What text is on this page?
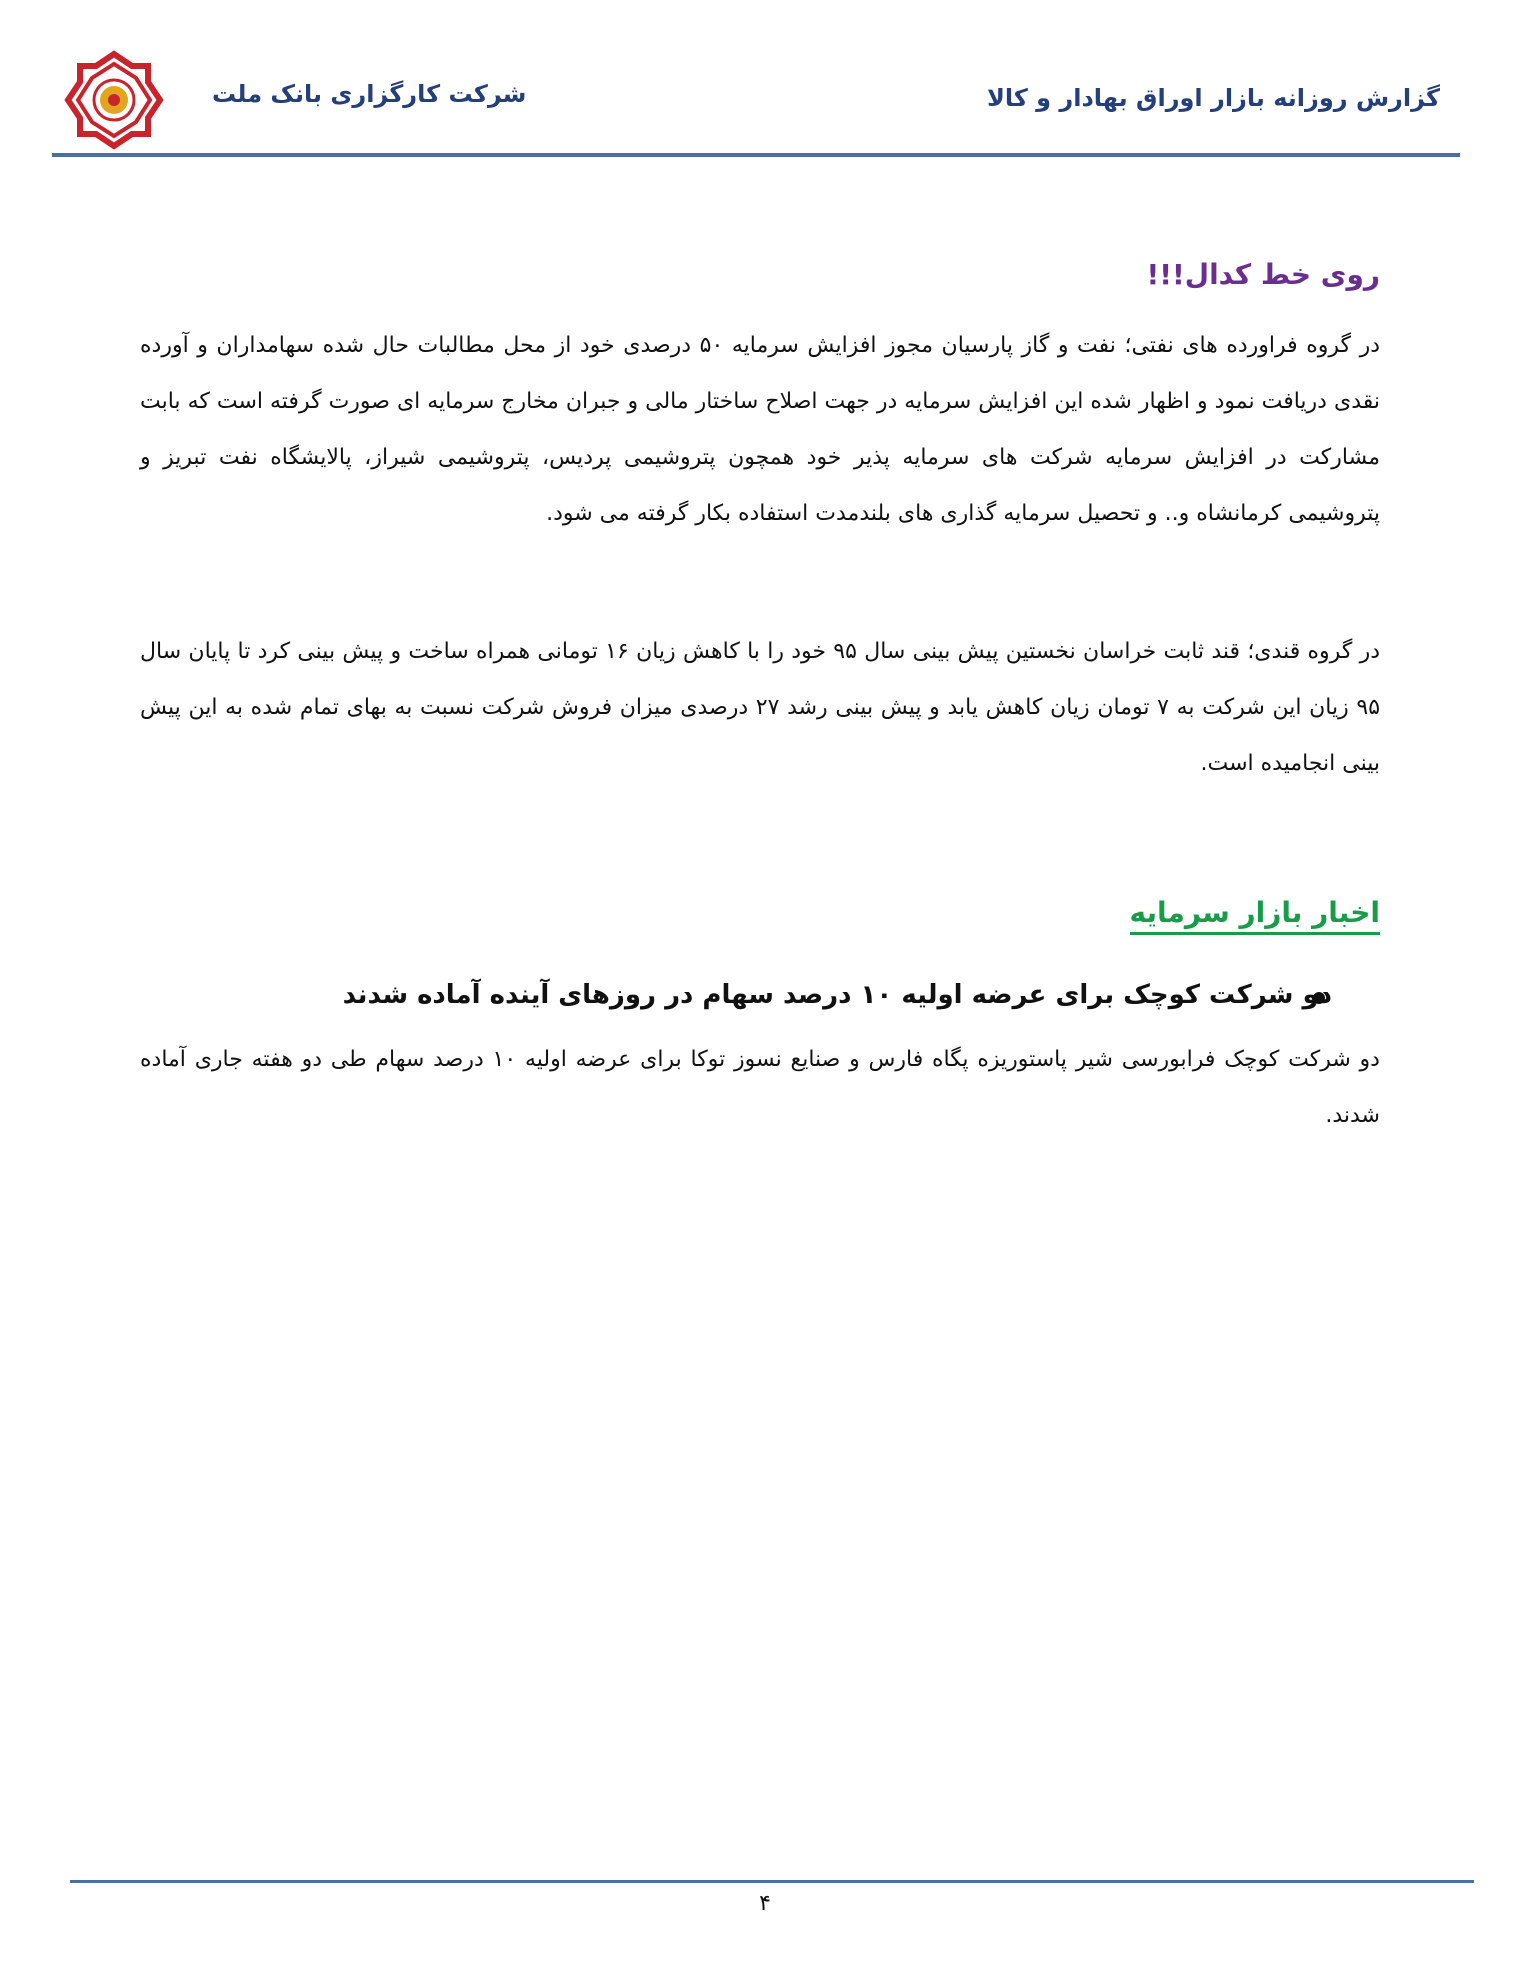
شرکت کارگزاری بانک ملت	گزارش روزانه بازار اوراق بهادار و کالا
روی خط کدال!!!
در گروه فراورده های نفتی؛ نفت و گاز پارسیان مجوز افزایش سرمایه ۵۰ درصدی خود از محل مطالبات حال شده سهامداران و آورده نقدی دریافت نمود و اظهار شده این افزایش سرمایه در جهت اصلاح ساختار مالی و جبران مخارج سرمایه ای صورت گرفته است که بابت مشارکت در افزایش سرمایه شرکت های سرمایه پذیر خود همچون پتروشیمی پردیس، پتروشیمی شیراز، پالایشگاه نفت تبریز و پتروشیمی کرمانشاه و.. و تحصیل سرمایه گذاری های بلندمدت استفاده بکار گرفته می شود.
در گروه قندی؛ قند ثابت خراسان نخستین پیش بینی سال ۹۵ خود را با کاهش زیان ۱۶ تومانی همراه ساخت و پیش بینی کرد تا پایان سال ۹۵ زیان این شرکت به ۷ تومان زیان کاهش یابد و پیش بینی رشد ۲۷ درصدی میزان فروش شرکت نسبت به بهای تمام شده به این پیش بینی انجامیده است.
اخبار بازار سرمایه
دو شرکت کوچک برای عرضه اولیه ۱۰ درصد سهام در روزهای آینده آماده شدند
دو شرکت کوچک فرابورسی شیر پاستوریزه پگاه فارس و صنایع نسوز توکا برای عرضه اولیه ۱۰ درصد سهام طی دو هفته جاری آماده شدند.
۴
